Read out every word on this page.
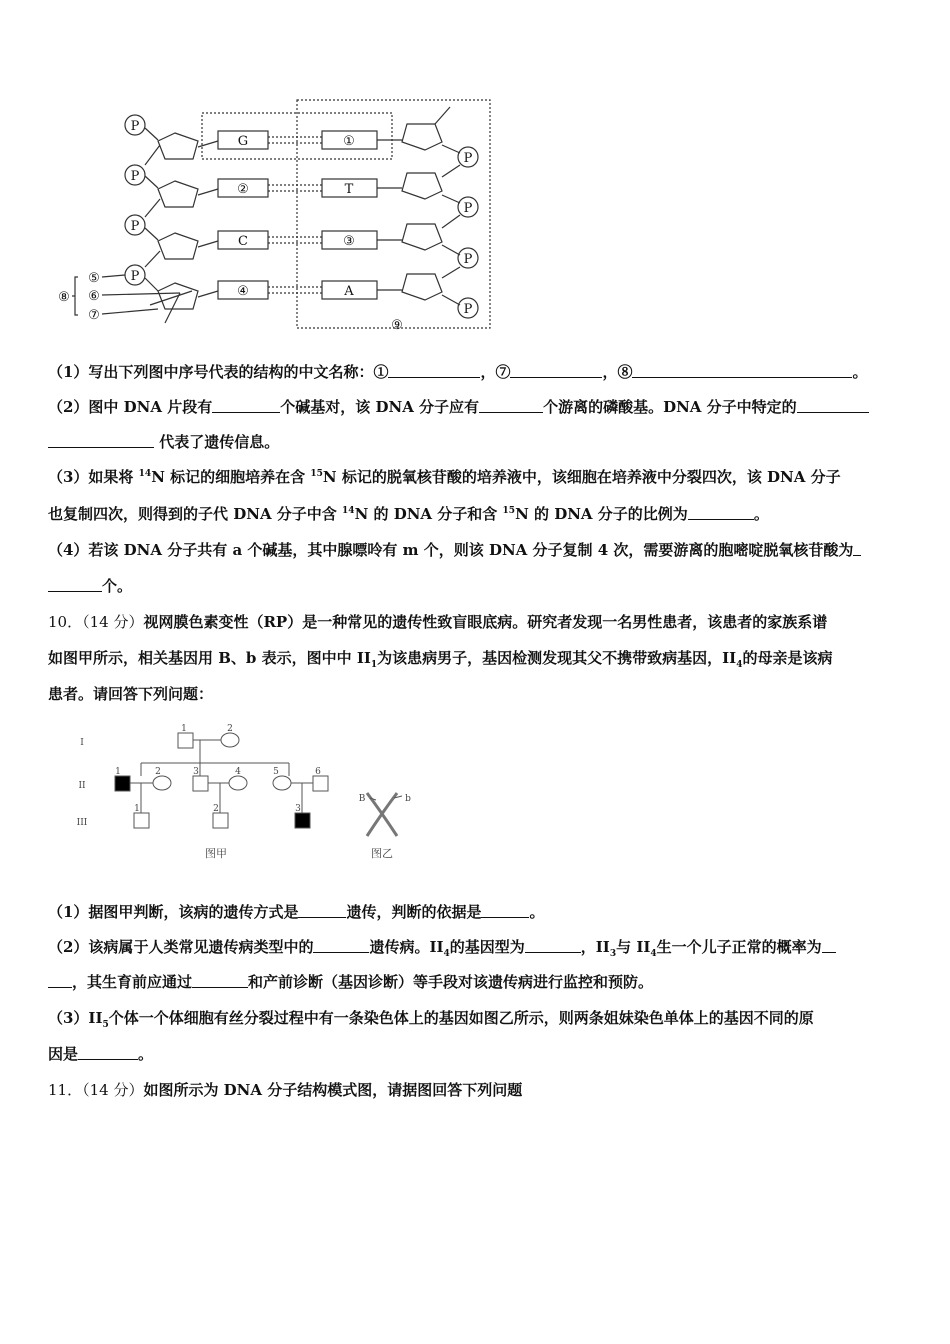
P
P
P
P
P
P
P
P
G
②
C
④
①
T
③
A
⑤
⑥
⑦
⑧
⑨
（1）写出下列图中序号代表的结构的中文名称：①	，⑦	，⑧	。
（2）图中 DNA 片段有	个碱基对，该 DNA 分子应有	个游离的磷酸基。DNA 分子中特定的
代表了遗传信息。
（3）如果将 $^{14}$N 标记的细胞培养在含 $^{15}$N 标记的脱氧核苷酸的培养液中，该细胞在培养液中分裂四次，该 DNA 分子
也复制四次，则得到的子代 DNA 分子中含 $^{14}$N 的 DNA 分子和含 $^{15}$N 的 DNA 分子的比例为	。
（4）若该 DNA 分子共有 a 个碱基，其中腺嘌呤有 m 个，则该 DNA 分子复制 4 次，需要游离的胞嘧啶脱氧核苷酸为
个。
10．（14 分）视网膜色素变性（RP）是一种常见的遗传性致盲眼底病。研究者发现一名男性患者，该患者的家族系谱
如图甲所示，相关基因用 B、b 表示，图中中 $II_1$为该患病男子，基因检测发现其父不携带致病基因，$II_4$的母亲是该病
患者。请回答下列问题：
I
II
III
1	2
1	2	3	4	5	6
1	2	3
B	b
图甲	图乙
（1）据图甲判断，该病的遗传方式是	遗传，判断的依据是	。
（2）该病属于人类常见遗传病类型中的	遗传病。$II_4$的基因型为	，$II_3$与 $II_4$生一个儿子正常的概率为
，其生育前应通过	和产前诊断（基因诊断）等手段对该遗传病进行监控和预防。
$(3)II_5$个体一个体细胞有丝分裂过程中有一条染色体上的基因如图乙所示，则两条姐妹染色单体上的基因不同的原
因是	。
11．（14 分）如图所示为 DNA 分子结构模式图，请据图回答下列问题
